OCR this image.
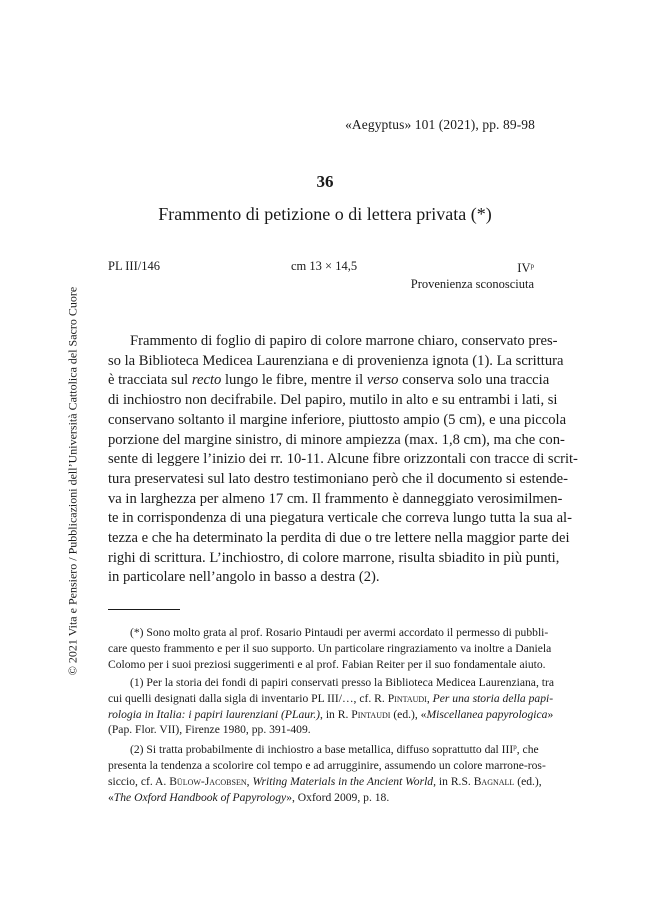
«Aegyptus» 101 (2021), pp. 89-98
36
Frammento di petizione o di lettera privata (*)
PL III/146	cm 13 × 14,5	$IV^p$
Provenienza sconosciuta
Frammento di foglio di papiro di colore marrone chiaro, conservato pres-
so la Biblioteca Medicea Laurenziana e di provenienza ignota (1). La scrittura
è tracciata sul recto lungo le fibre, mentre il verso conserva solo una traccia
di inchiostro non decifrabile. Del papiro, mutilo in alto e su entrambi i lati, si
conservano soltanto il margine inferiore, piuttosto ampio (5 cm), e una piccola
porzione del margine sinistro, di minore ampiezza (max. 1,8 cm), ma che con-
sente di leggere l’inizio dei rr. 10-11. Alcune fibre orizzontali con tracce di scrit-
tura preservatesi sul lato destro testimoniano però che il documento si estende-
va in larghezza per almeno 17 cm. Il frammento è danneggiato verosimilmen-
te in corrispondenza di una piegatura verticale che correva lungo tutta la sua al-
tezza e che ha determinato la perdita di due o tre lettere nella maggior parte dei
righi di scrittura. L’inchiostro, di colore marrone, risulta sbiadito in più punti,
in particolare nell’angolo in basso a destra (2).
(*) Sono molto grata al prof. Rosario Pintaudi per avermi accordato il permesso di pubbli-
care questo frammento e per il suo supporto. Un particolare ringraziamento va inoltre a Daniela
Colomo per i suoi preziosi suggerimenti e al prof. Fabian Reiter per il suo fondamentale aiuto.
(1) Per la storia dei fondi di papiri conservati presso la Biblioteca Medicea Laurenziana, tra
cui quelli designati dalla sigla di inventario PL III/…, cf. R. Pintaudi, Per una storia della papi-
rologia in Italia: i papiri laurenziani (PLaur.), in R. Pintaudi (ed.), «Miscellanea papyrologica»
(Pap. Flor. VII), Firenze 1980, pp. 391-409.
(2) Si tratta probabilmente di inchiostro a base metallica, diffuso soprattutto dal III$^p$, che
presenta la tendenza a scolorire col tempo e ad arrugginire, assumendo un colore marrone-ros-
siccio, cf. A. Bülow-Jacobsen, Writing Materials in the Ancient World, in R.S. Bagnall (ed.),
«The Oxford Handbook of Papyrology», Oxford 2009, p. 18.
© 2021 Vita e Pensiero / Pubblicazioni dell’Università Cattolica del Sacro Cuore
